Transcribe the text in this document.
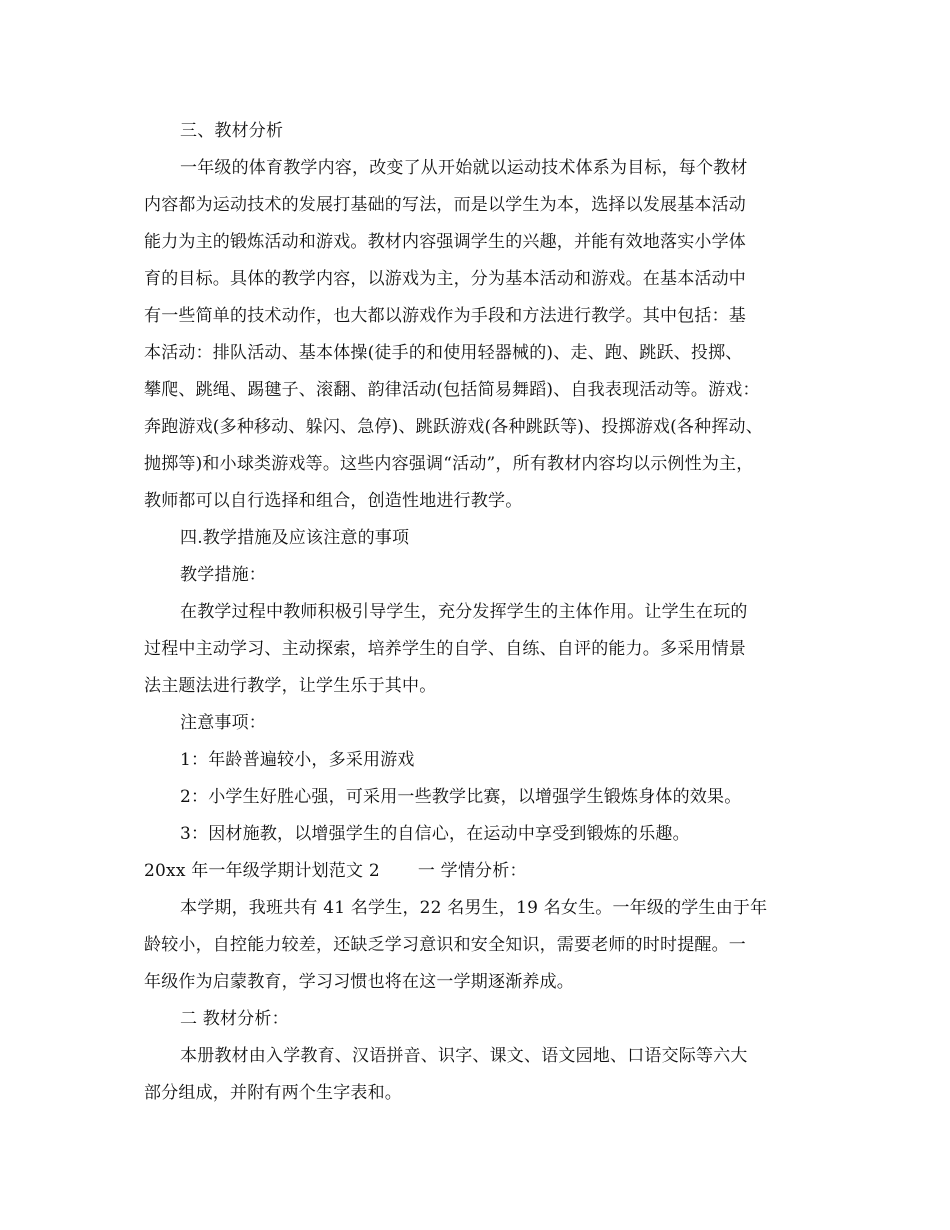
三、教材分析
一年级的体育教学内容，改变了从开始就以运动技术体系为目标，每个教材
内容都为运动技术的发展打基础的写法，而是以学生为本，选择以发展基本活动
能力为主的锻炼活动和游戏。教材内容强调学生的兴趣，并能有效地落实小学体
育的目标。具体的教学内容，以游戏为主，分为基本活动和游戏。在基本活动中
有一些简单的技术动作，也大都以游戏作为手段和方法进行教学。其中包括：基
本活动：排队活动、基本体操(徒手的和使用轻器械的)、走、跑、跳跃、投掷、
攀爬、跳绳、踢毽子、滚翻、韵律活动(包括简易舞蹈)、自我表现活动等。游戏：
奔跑游戏(多种移动、躲闪、急停)、跳跃游戏(各种跳跃等)、投掷游戏(各种挥动、
抛掷等)和小球类游戏等。这些内容强调“活动”，所有教材内容均以示例性为主，
教师都可以自行选择和组合，创造性地进行教学。
四.教学措施及应该注意的事项
教学措施：
在教学过程中教师积极引导学生，充分发挥学生的主体作用。让学生在玩的
过程中主动学习、主动探索，培养学生的自学、自练、自评的能力。多采用情景
法主题法进行教学，让学生乐于其中。
注意事项：
1：年龄普遍较小，多采用游戏
2：小学生好胜心强，可采用一些教学比赛，以增强学生锻炼身体的效果。
3：因材施教，以增强学生的自信心，在运动中享受到锻炼的乐趣。
20xx 年一年级学期计划范文 2 一 学情分析：
本学期，我班共有 41 名学生，22 名男生，19 名女生。一年级的学生由于年
龄较小，自控能力较差，还缺乏学习意识和安全知识，需要老师的时时提醒。一
年级作为启蒙教育，学习习惯也将在这一学期逐渐养成。
二 教材分析：
本册教材由入学教育、汉语拼音、识字、课文、语文园地、口语交际等六大
部分组成，并附有两个生字表和。
